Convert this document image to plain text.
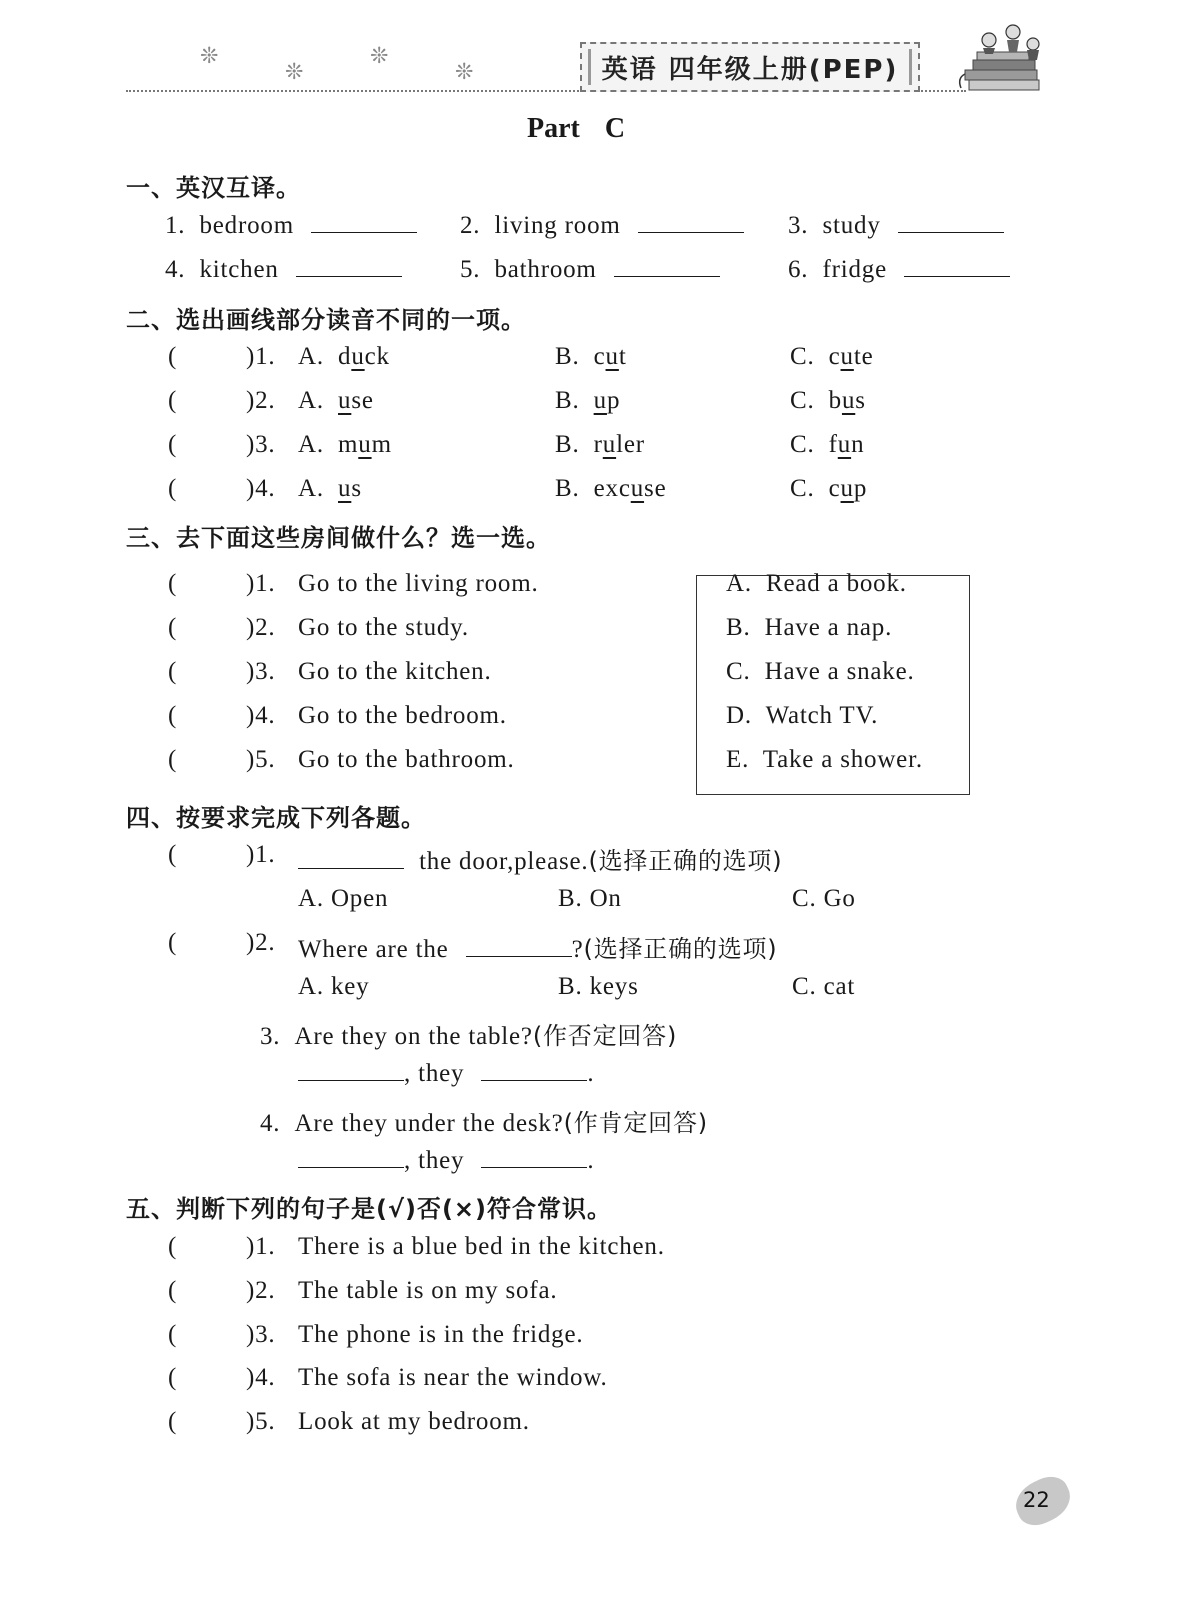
❊
❊
❊
❊	英语 四年级上册(PEP)
Part C
一、英汉互译。
1. bedroom	2. living room	3. study
4. kitchen	5. bathroom	6. fridge
二、选出画线部分读音不同的一项。
(	)1. A. duck	B. cut	C. cute
(	)2. A. use	B. up	C. bus
(	)3. A. mum	B. ruler	C. fun
(	)4. A. us	B. excuse	C. cup
三、去下面这些房间做什么？选一选。
(	)1. Go to the living room.
(	)2. Go to the study.
(	)3. Go to the kitchen.
(	)4. Go to the bedroom.
(	)5. Go to the bathroom.
A. Read a book.
B. Have a nap.
C. Have a snake.
D. Watch TV.
E. Take a shower.
四、按要求完成下列各题。
(	)1.	the door,please.(选择正确的选项)
A. Open	B. On	C. Go
(	)2. Where are the	?(选择正确的选项)
A. key	B. keys	C. cat
3. Are they on the table?(作否定回答)
, they	.
4. Are they under the desk?(作肯定回答)
, they	.
五、判断下列的句子是(√)否(×)符合常识。
(	)1. There is a blue bed in the kitchen.
(	)2. The table is on my sofa.
(	)3. The phone is in the fridge.
(	)4. The sofa is near the window.
(	)5. Look at my bedroom.
22
